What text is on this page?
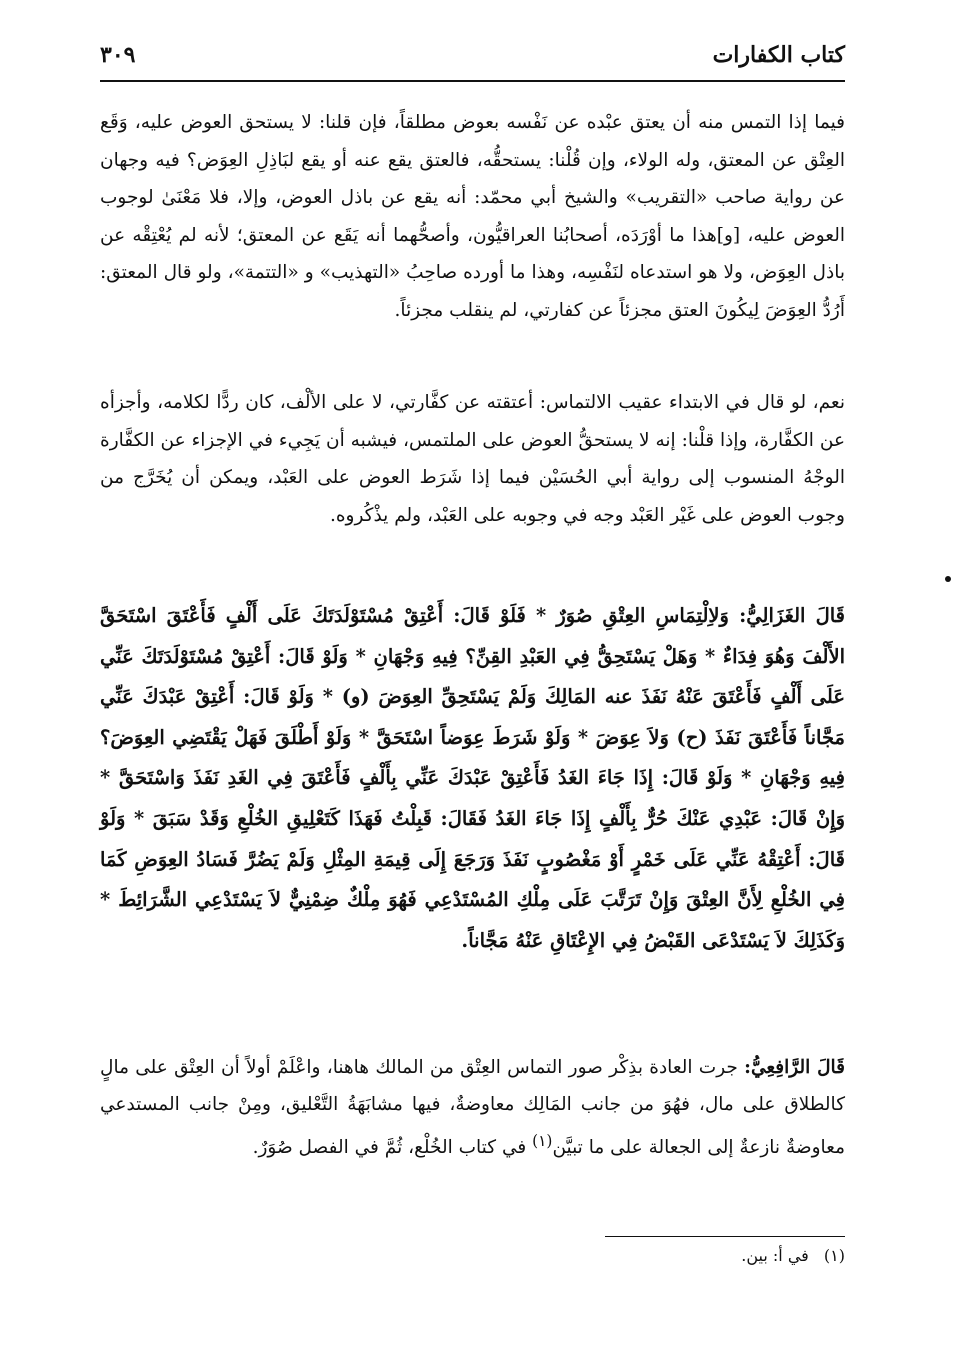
كتاب الكفارات
٣٠٩
فيما إذا التمس منه أن يعتق عبْده عن نَفْسه بعوض مطلقاً، فإن قلنا: لا يستحق العوض عليه، وَقَع العِتْق عن المعتق، وله الولاء، وإن قُلْنا: يستحقُّه، فالعتق يقع عنه أو يقع لبَاذِلِ العِوَض؟ فيه وجهان عن رواية صاحب «التقريب» والشيخ أبي محمّد: أنه يقع عن باذل العوض، وإلا، فلا مَعْنَىٰ لوجوب العوض عليه، [و]هذا ما أوْرَدَه، أصحابُنا العراقيُّون، وأصحُّهما أنه يَقَع عن المعتق؛ لأنه لم يُعْتِقْه عن باذل العِوَض، ولا هو استدعاه لنَفْسِه، وهذا ما أورده صاحِبُ «التهذيب» و «التتمة»، ولو قال المعتق: أَرُدُّ العِوَضَ لِيكُونَ العتق مجزئاً عن كفارتي، لم ينقلب مجزئاً.
نعم، لو قال في الابتداء عقيب الالتماس: أعتقته عن كفَّارتي، لا على الألْف، كان ردًّا لكلامه، وأجزأه عن الكفَّارة، وإذا قلْنا: إنه لا يستحقُّ العوض على الملتمس، فيشبه أن يَجِيء في الإجزاء عن الكفَّارة الوجْهُ المنسوب إلى رواية أبي الحُسَيْن فيما إذا شَرَط العوض على العَبْد، ويمكن أن يُخَرَّج من وجوب العوض على غَيْر العَبْد وجه في وجوبه على العَبْد، ولم يذْكُروه.
قَالَ الغَزَالِيُّ: وَلاِلْتِمَاسِ العِتْقِ صُوَرٌ * فَلَوْ قَالَ: أَعْتِقْ مُسْتَوْلَدَتَكَ عَلَى أَلْفٍ فَأَعْتَقَ اسْتَحَقَّ الأَلْفَ وَهُوَ فِدَاءٌ * وَهَلْ يَسْتَحِقُّ فِي العَبْدِ القِنِّ؟ فِيهِ وَجْهَانِ * وَلَوْ قَالَ: أَعْتِقْ مُسْتَوْلَدَتَكَ عَنِّي عَلَى أَلْفٍ فَأَعْتَقَ عَنْهُ نَفَذَ عنه المَالِكَ وَلَمْ يَسْتَحِقِّ العِوَضَ (و) * وَلَوْ قَالَ: أَعْتِقْ عَبْدَكَ عَنِّي مَجَّاناً فَأَعْتَقَ نَفَذَ (ح) وَلاَ عِوَضَ * وَلَوْ شَرَطَ عِوَضاً اسْتَحَقَّ * وَلَوْ أَطْلَقَ فَهَلْ يَقْتَضِي العِوَضَ؟ فِيهِ وَجْهَانِ * وَلَوْ قَالَ: إِذَا جَاءَ الغَدُ فَأَعْتِقْ عَبْدَكَ عَنِّي بِأَلْفٍ فَأَعْتَقَ فِي الغَدِ نَفَذَ وَاسْتَحَقَّ * وَإِنْ قَالَ: عَبْدِي عَنْكَ حُرٌّ بِأَلْفٍ إِذَا جَاءَ الغَدُ فَقَالَ: قَبِلْتُ فَهَذَا كَتَعْلِيقِ الخُلْعِ وَقَدْ سَبَقَ * وَلَوْ قَالَ: أَعْتِقْهُ عَنِّي عَلَى خَمْرٍ أَوْ مَغْصُوبٍ نَفَذَ وَرَجَعَ إِلَى قِيمَةِ المِثْلِ وَلَمْ يَضُرَّ فَسَادُ العِوَضِ كَمَا فِي الخُلْعِ لِأَنَّ العِتْقَ وَإِنْ تَرَتَّبَ عَلَى مِلْكِ المُسْتَدْعِي فَهُوَ مِلْكٌ ضِمْنِيٌّ لاَ يَسْتَدْعِي الشَّرَائِطَ * وَكَذَلِكَ لاَ يَسْتَدْعَى القَبْضُ فِي الإِعْتَاقِ عَنْهُ مَجَّاناً.
قَالَ الرَّافِعِيُّ: جرت العادة بذِكْر صور التماس العِتْق من المالك هاهنا، واعْلَمْ أولاً أن العِتْق على مالٍ كالطلاق على مال، فهُوَ من جانب المَالِك معاوضةٌ، فيها مشابَهَةُ التَّعْليق، ومِنْ جانب المستدعي معاوضةٌ نازعةٌ إلى الجعالة على ما تبيَّن$^{(١)}$ في كتاب الخُلْع، ثُمَّ في الفصل صُوَرٌ.
(١) في أ: بين.
